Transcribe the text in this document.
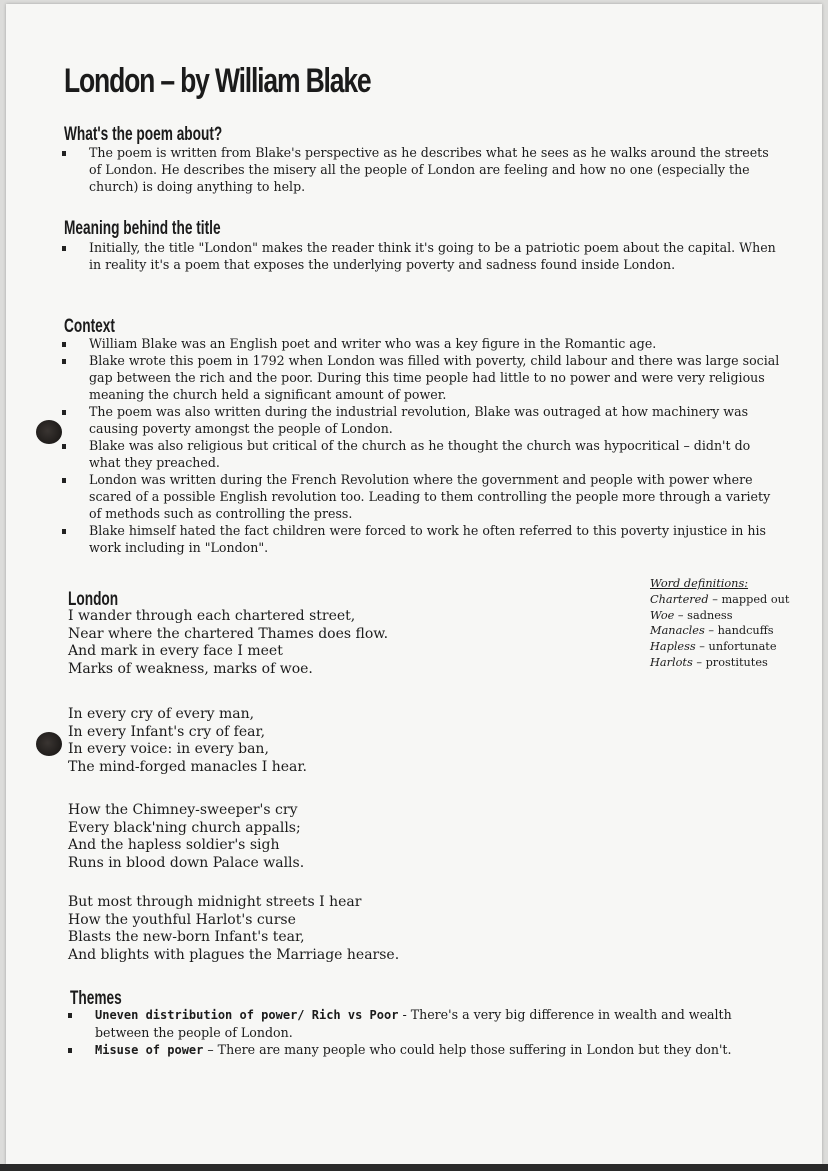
London – by William Blake
What's the poem about?
The poem is written from Blake's perspective as he describes what he sees as he walks around the streets of London. He describes the misery all the people of London are feeling and how no one (especially the church) is doing anything to help.
Meaning behind the title
Initially, the title "London" makes the reader think it's going to be a patriotic poem about the capital. When in reality it's a poem that exposes the underlying poverty and sadness found inside London.
Context
William Blake was an English poet and writer who was a key figure in the Romantic age.
Blake wrote this poem in 1792 when London was filled with poverty, child labour and there was large social gap between the rich and the poor. During this time people had little to no power and were very religious meaning the church held a significant amount of power.
The poem was also written during the industrial revolution, Blake was outraged at how machinery was causing poverty amongst the people of London.
Blake was also religious but critical of the church as he thought the church was hypocritical – didn't do what they preached.
London was written during the French Revolution where the government and people with power where scared of a possible English revolution too. Leading to them controlling the people more through a variety of methods such as controlling the press.
Blake himself hated the fact children were forced to work he often referred to this poverty injustice in his work including in "London".
London
I wander through each chartered street,
Near where the chartered Thames does flow.
And mark in every face I meet
Marks of weakness, marks of woe.
In every cry of every man,
In every Infant's cry of fear,
In every voice: in every ban,
The mind-forged manacles I hear.
How the Chimney-sweeper's cry
Every black'ning church appalls;
And the hapless soldier's sigh
Runs in blood down Palace walls.
But most through midnight streets I hear
How the youthful Harlot's curse
Blasts the new-born Infant's tear,
And blights with plagues the Marriage hearse.
Word definitions:
Chartered – mapped out
Woe – sadness
Manacles – handcuffs
Hapless – unfortunate
Harlots – prostitutes
Themes
Uneven distribution of power/ Rich vs Poor - There's a very big difference in wealth and wealth between the people of London.
Misuse of power – There are many people who could help those suffering in London but they don't.
